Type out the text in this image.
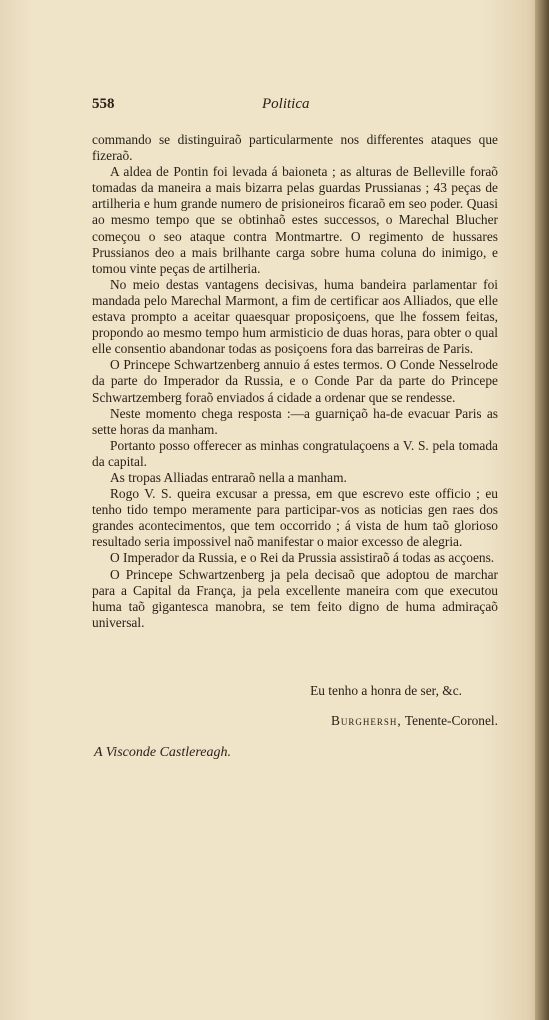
558	Politica

commando se distinguiraõ particularmente nos differentes ataques que fizeraõ.

A aldea de Pontin foi levada á baioneta ; as alturas de Belleville foraõ tomadas da maneira a mais bizarra pelas guardas Prussianas ; 43 peças de artilheria e hum grande numero de prisioneiros ficaraõ em seo poder. Quasi ao mesmo tempo que se obtinhaõ estes successos, o Marechal Blucher começou o seo ataque contra Montmartre. O regimento de hussares Prussianos deo a mais brilhante carga sobre huma coluna do inimigo, e tomou vinte peças de artilheria.

No meio destas vantagens decisivas, huma bandeira parlamentar foi mandada pelo Marechal Marmont, a fim de certificar aos Alliados, que elle estava prompto a aceitar quaesquar proposiçoens, que lhe fossem feitas, propondo ao mesmo tempo hum armisticio de duas horas, para obter o qual elle consentio abandonar todas as posiçoens fora das barreiras de Paris.

O Princepe Schwartzenberg annuio á estes termos. O Conde Nesselrode da parte do Imperador da Russia, e o Conde Par da parte do Princepe Schwartzemberg foraõ enviados á cidade a ordenar que se rendesse.

Neste momento chega resposta :—a guarniçaõ ha-de evacuar Paris as sette horas da manham.

Portanto posso offerecer as minhas congratulaçoens a V. S. pela tomada da capital.

As tropas Alliadas entraraõ nella a manham.

Rogo V. S. queira excusar a pressa, em que escrevo este officio ; eu tenho tido tempo meramente para participar-vos as noticias gen raes dos grandes acontecimentos, que tem occorrido ; á vista de hum taõ glorioso resultado seria impossivel naõ manifestar o maior excesso de alegria.

O Imperador da Russia, e o Rei da Prussia assistiraõ á todas as acçoens.

O Princepe Schwartzenberg ja pela decisaõ que adoptou de marchar para a Capital da França, ja pela excellente maneira com que executou huma taõ gigantesca manobra, se tem feito digno de huma admiraçaõ universal.

Eu tenho a honra de ser, &c.
Burghersh, Tenente-Coronel.
A Visconde Castlereagh.
